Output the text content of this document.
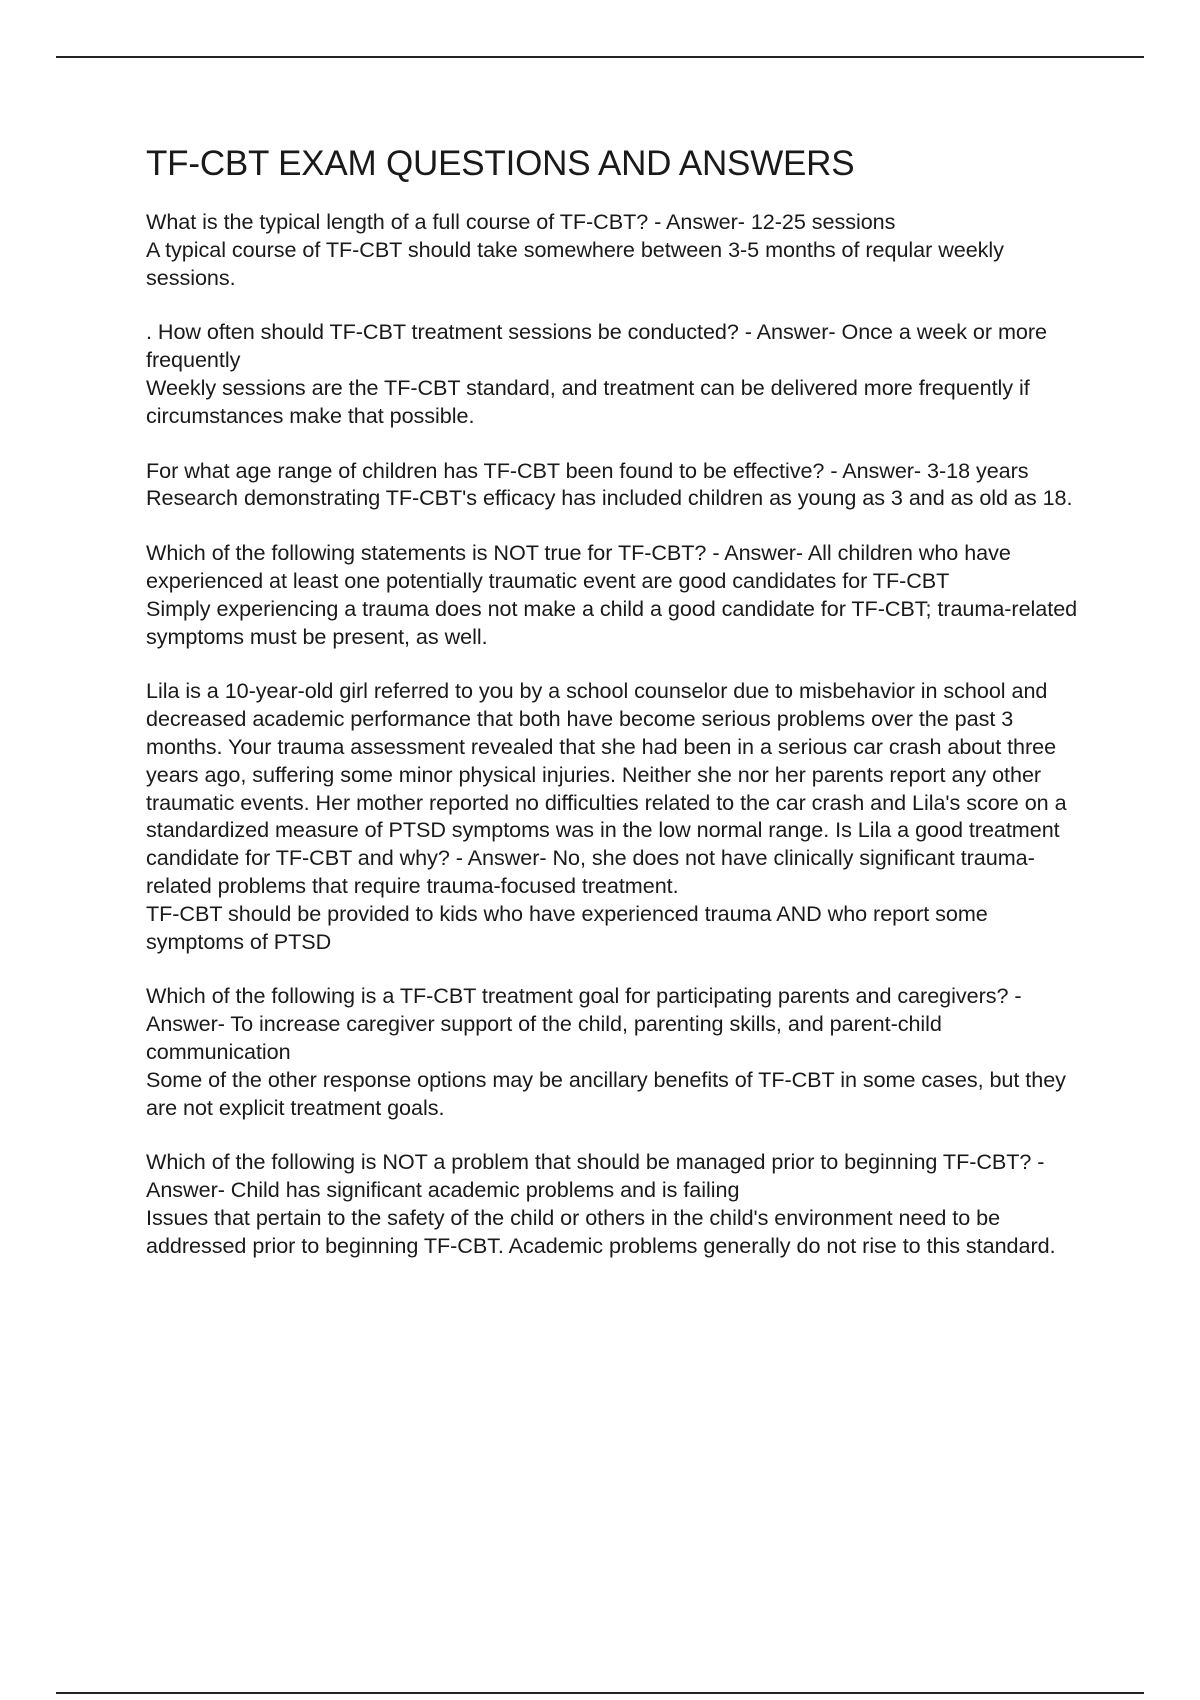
TF-CBT EXAM QUESTIONS AND ANSWERS

What is the typical length of a full course of TF-CBT? - Answer- 12-25 sessions

A typical course of TF-CBT should take somewhere between 3-5 months of reqular weekly sessions.

. How often should TF-CBT treatment sessions be conducted? - Answer- Once a week or more frequently

Weekly sessions are the TF-CBT standard, and treatment can be delivered more frequently if circumstances make that possible.

For what age range of children has TF-CBT been found to be effective? - Answer- 3-18 years

Research demonstrating TF-CBT's efficacy has included children as young as 3 and as old as 18.

Which of the following statements is NOT true for TF-CBT? - Answer- All children who have experienced at least one potentially traumatic event are good candidates for TF-CBT

Simply experiencing a trauma does not make a child a good candidate for TF-CBT; trauma-related symptoms must be present, as well.

Lila is a 10-year-old girl referred to you by a school counselor due to misbehavior in school and decreased academic performance that both have become serious problems over the past 3 months. Your trauma assessment revealed that she had been in a serious car crash about three years ago, suffering some minor physical injuries. Neither she nor her parents report any other traumatic events. Her mother reported no difficulties related to the car crash and Lila's score on a standardized measure of PTSD symptoms was in the low normal range. Is Lila a good treatment candidate for TF-CBT and why? - Answer- No, she does not have clinically significant trauma-related problems that require trauma-focused treatment.

TF-CBT should be provided to kids who have experienced trauma AND who report some symptoms of PTSD

Which of the following is a TF-CBT treatment goal for participating parents and caregivers? - Answer- To increase caregiver support of the child, parenting skills, and parent-child communication

Some of the other response options may be ancillary benefits of TF-CBT in some cases, but they are not explicit treatment goals.

Which of the following is NOT a problem that should be managed prior to beginning TF-CBT? - Answer- Child has significant academic problems and is failing

Issues that pertain to the safety of the child or others in the child's environment need to be addressed prior to beginning TF-CBT. Academic problems generally do not rise to this standard.
